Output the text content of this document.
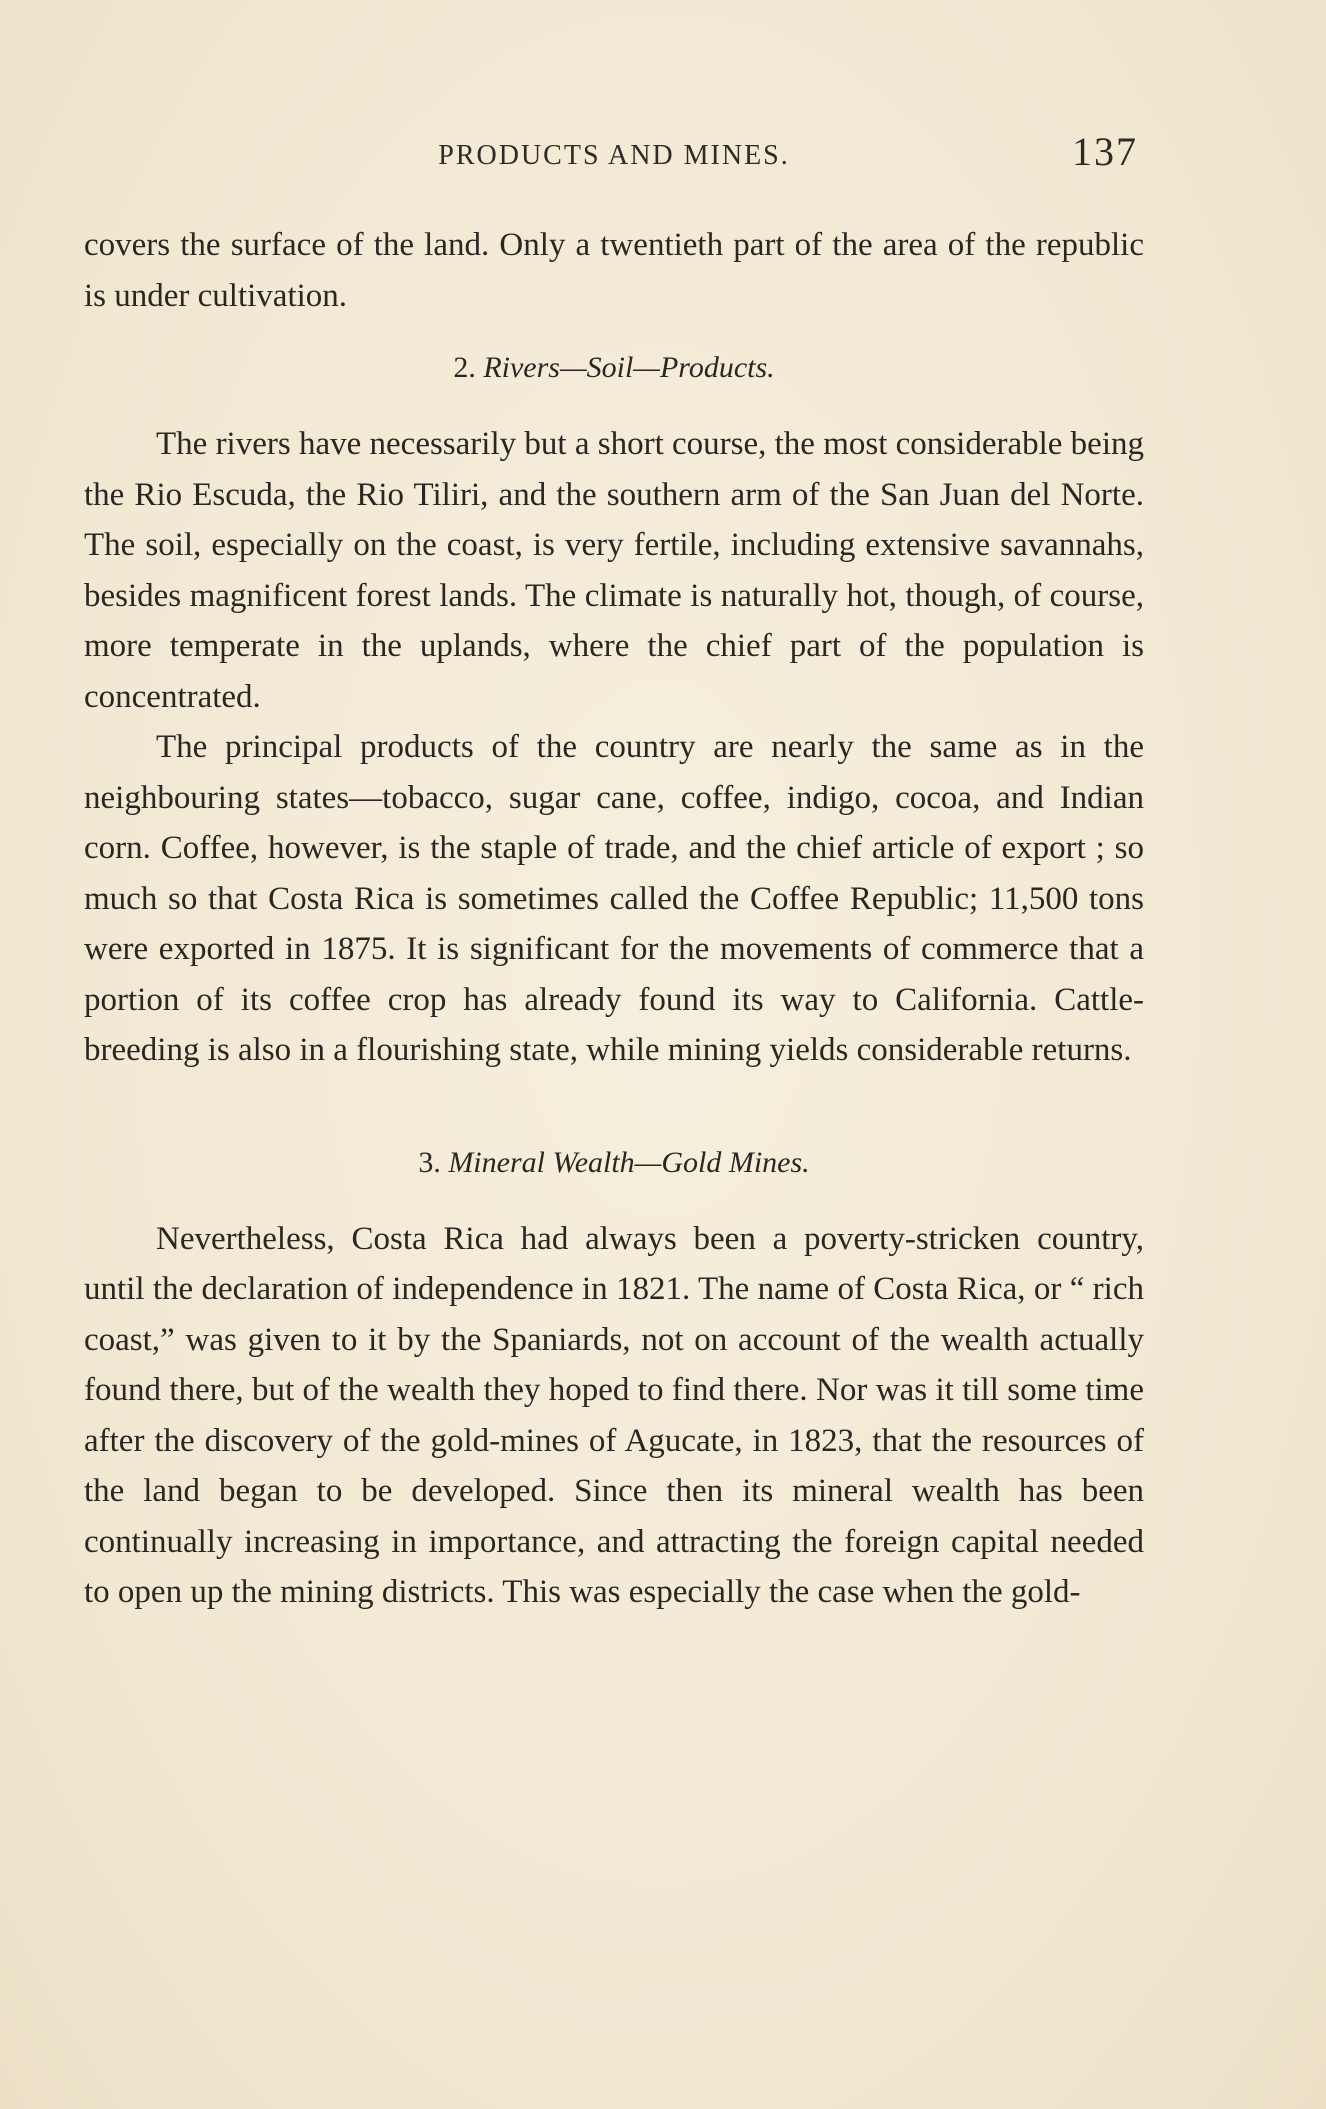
PRODUCTS AND MINES.	137

covers the surface of the land. Only a twentieth part of the area of the republic is under cultivation.

2. Rivers—Soil—Products.

The rivers have necessarily but a short course, the most considerable being the Rio Escuda, the Rio Tiliri, and the southern arm of the San Juan del Norte. The soil, especially on the coast, is very fertile, including extensive savannahs, besides magnificent forest lands. The climate is naturally hot, though, of course, more temperate in the uplands, where the chief part of the population is concentrated.

The principal products of the country are nearly the same as in the neighbouring states—tobacco, sugar cane, coffee, indigo, cocoa, and Indian corn. Coffee, however, is the staple of trade, and the chief article of export ; so much so that Costa Rica is sometimes called the Coffee Republic; 11,500 tons were exported in 1875. It is significant for the movements of commerce that a portion of its coffee crop has already found its way to California. Cattle-breeding is also in a flourishing state, while mining yields considerable returns.

3. Mineral Wealth—Gold Mines.

Nevertheless, Costa Rica had always been a poverty-stricken country, until the declaration of independence in 1821. The name of Costa Rica, or “ rich coast,” was given to it by the Spaniards, not on account of the wealth actually found there, but of the wealth they hoped to find there. Nor was it till some time after the discovery of the gold-mines of Agucate, in 1823, that the resources of the land began to be developed. Since then its mineral wealth has been continually increasing in importance, and attracting the foreign capital needed to open up the mining districts. This was especially the case when the gold-
